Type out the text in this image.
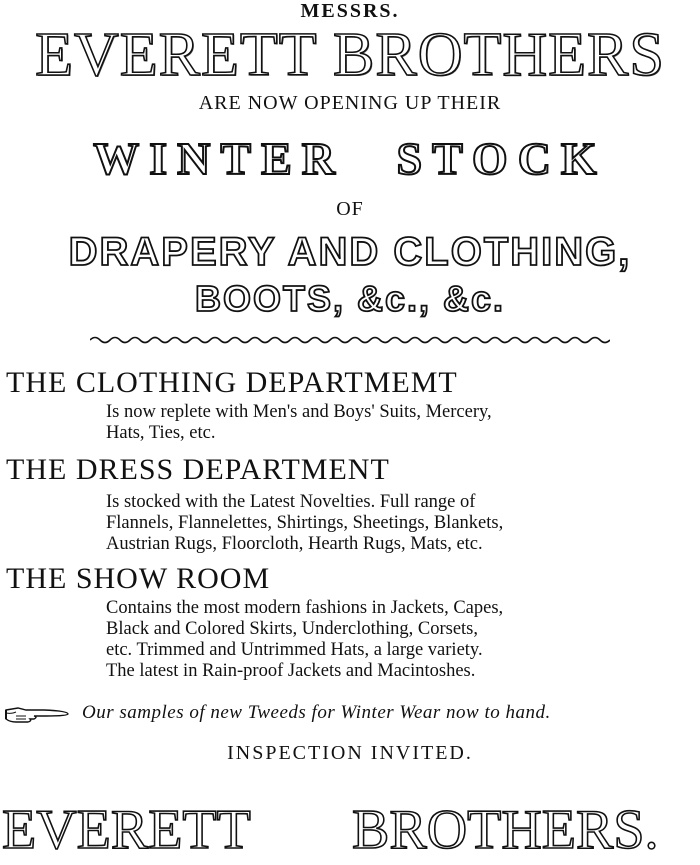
MESSRS.
EVERETT BROTHERS
ARE NOW OPENING UP THEIR
WINTER STOCK
OF
DRAPERY AND CLOTHING,
BOOTS, &c., &c.
THE CLOTHING DEPARTMEMT
Is now replete with Men's and Boys' Suits, Mercery,
Hats, Ties, etc.
THE DRESS DEPARTMENT
Is stocked with the Latest Novelties. Full range of
Flannels, Flannelettes, Shirtings, Sheetings, Blankets,
Austrian Rugs, Floorcloth, Hearth Rugs, Mats, etc.
THE SHOW ROOM
Contains the most modern fashions in Jackets, Capes,
Black and Colored Skirts, Underclothing, Corsets,
etc. Trimmed and Untrimmed Hats, a large variety.
The latest in Rain-proof Jackets and Macintoshes.
Our samples of new Tweeds for Winter Wear now to hand.
INSPECTION INVITED.
EVERETT BROTHERS.
